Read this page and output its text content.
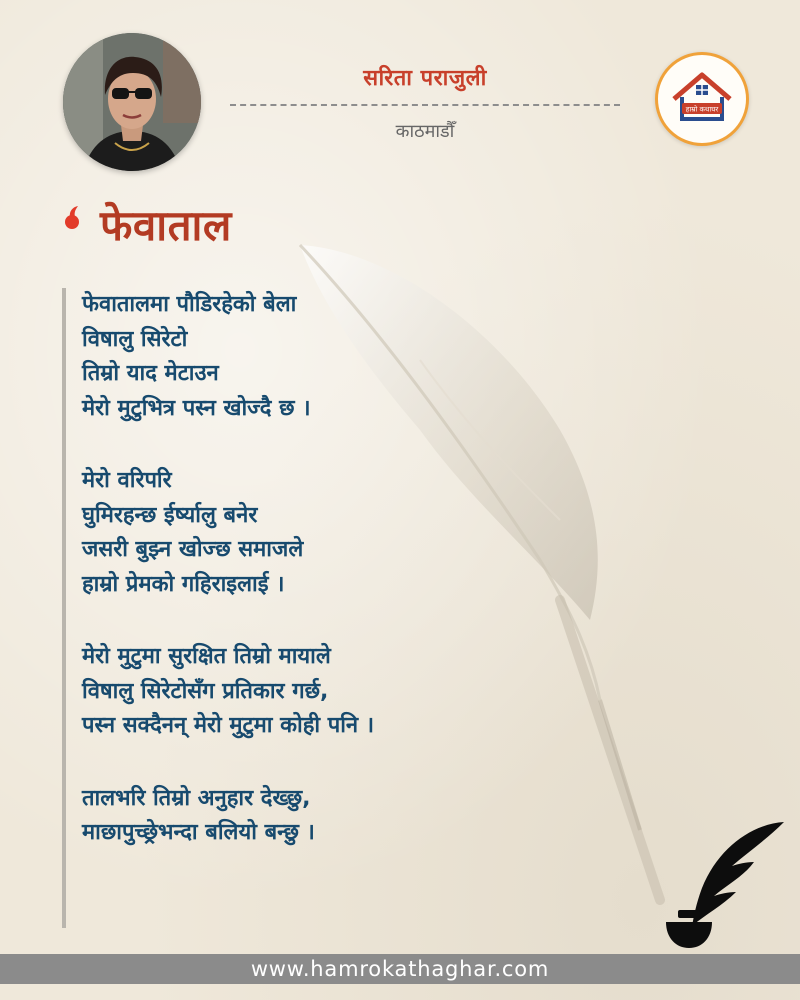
सरिता पराजुली
काठमाडौँ
हाम्रो कथाघर
फेवाताल
फेवातालमा पौडिरहेको बेला
विषालु सिरेटो
तिम्रो याद मेटाउन
मेरो मुटुभित्र पस्न खोज्दै छ ।
मेरो वरिपरि
घुमिरहन्छ ईर्ष्यालु बनेर
जसरी बुझ्न खोज्छ समाजले
हाम्रो प्रेमको गहिराइलाई ।
मेरो मुटुमा सुरक्षित तिम्रो मायाले
विषालु सिरेटोसँग प्रतिकार गर्छ,
पस्न सक्दैनन् मेरो मुटुमा कोही पनि ।
तालभरि तिम्रो अनुहार देख्छु,
माछापुच्छ्रेभन्दा बलियो बन्छु ।
www.hamrokathaghar.com
